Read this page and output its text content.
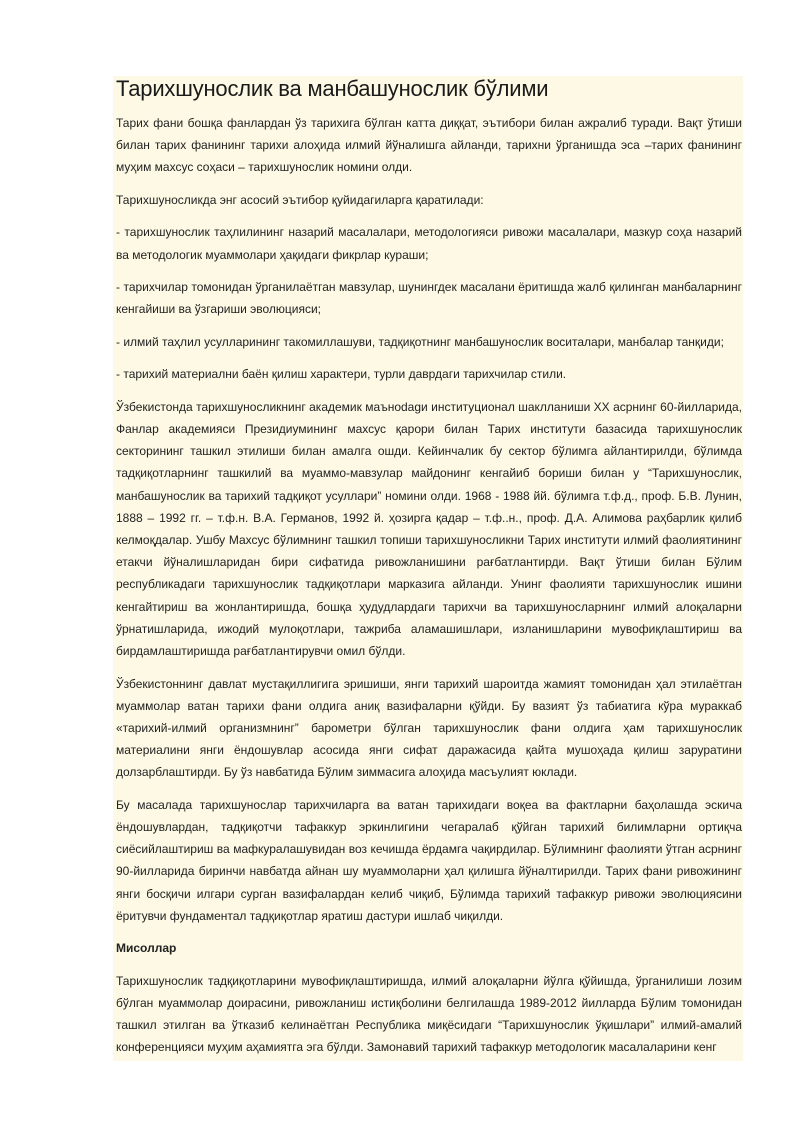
Тарихшунослик ва манбашунослик бўлими

Тарих фани бошқа фанлардан ўз тарихига бўлган катта диққат, эътибори билан ажралиб туради. Вақт ўтиши билан тарих фанининг тарихи алоҳида илмий йўналишга айланди, тарихни ўрганишда эса –тарих фанининг муҳим махсус соҳаси – тарихшунослик номини олди.

Тарихшуносликда энг асосий эътибор қуйидагиларга қаратилади:

- тарихшунослик таҳлилининг назарий масалалари, методологияси ривожи масалалари, мазкур соҳа назарий ва методологик муаммолари ҳақидаги фикрлар кураши;

- тарихчилар томонидан ўрганилаётган мавзулар, шунингдек масалани ёритишда жалб қилинган манбаларнинг кенгайиши ва ўзгариши эволюцияси;

- илмий таҳлил усулларининг такомиллашуви, тадқиқотнинг манбашунослик воситалари, манбалар танқиди;

- тарихий материални баён қилиш характери, турли даврдаги тарихчилар стили.

Ўзбекистонда тарихшуносликнинг академик маъноdagи институционал шаклланиши XX асрнинг 60-йилларида, Фанлар академияси Президиумининг махсус қарори билан Тарих институти базасида тарихшунослик секторининг ташкил этилиши билан амалга ошди. Кейинчалик бу сектор бўлимга айлантирилди, бўлимда тадқиқотларнинг ташкилий ва муаммо-мавзулар майдонинг кенгайиб бориши билан у “Тарихшунослик, манбашунослик ва тарихий тадқиқот усуллари” номини олди. 1968 - 1988 йй. бўлимга т.ф.д., проф. Б.В. Лунин, 1888 – 1992 гг. – т.ф.н. В.А. Германов, 1992 й. ҳозирга қадар – т.ф..н., проф. Д.А. Алимова раҳбарлик қилиб келмоқдалар. Ушбу Махсус бўлимнинг ташкил топиши тарихшуносликни Тарих институти илмий фаолиятининг етакчи йўналишларидан бири сифатида ривожланишини рағбатлантирди. Вақт ўтиши билан Бўлим республикадаги тарихшунослик тадқиқотлари марказига айланди. Унинг фаолияти тарихшунослик ишини кенгайтириш ва жонлантиришда, бошқа ҳудудлардаги тарихчи ва тарихшуносларнинг илмий алоқаларни ўрнатишларида, ижодий мулоқотлари, тажриба аламашишлари, изланишларини мувофиқлаштириш ва бирдамлаштиришда рағбатлантирувчи омил бўлди.

Ўзбекистоннинг давлат мустақиллигига эришиши, янги тарихий шароитда жамият томонидан ҳал этилаётган муаммолар ватан тарихи фани олдига аниқ вазифаларни қўйди. Бу вазият ўз табиатига кўра мураккаб «тарихий-илмий организмнинг” барометри бўлган тарихшунослик фани олдига ҳам тарихшунослик материалини янги ёндошувлар асосида янги сифат даражасида қайта мушоҳада қилиш заруратини долзарблаштирди. Бу ўз навбатида Бўлим зиммасига алоҳида масъулият юклади.

Бу масалада тарихшунослар тарихчиларга ва ватан тарихидаги воқеа ва фактларни баҳолашда эскича ёндошувлардан, тадқиқотчи тафаккур эркинлигини чегаралаб қўйган тарихий билимларни ортиқча сиёсийлаштириш ва мафкуралашувидан воз кечишда ёрдамга чақирдилар. Бўлимнинг фаолияти ўтган асрнинг 90-йилларида биринчи навбатда айнан шу муаммоларни ҳал қилишга йўналтирилди. Тарих фани ривожининг янги босқичи илгари сурган вазифалардан келиб чиқиб, Бўлимда тарихий тафаккур ривожи эволюциясини ёритувчи фундаментал тадқиқотлар яратиш дастури ишлаб чиқилди.

Мисоллар

Тарихшунослик тадқиқотларини мувофиқлаштиришда, илмий алоқаларни йўлга қўйишда, ўрганилиши лозим бўлган муаммолар доирасини, ривожланиш истиқболини белгилашда 1989-2012 йилларда Бўлим томонидан ташкил этилган ва ўтказиб келинаётган Республика миқёсидаги “Тарихшунослик ўқишлари” илмий-амалий конференцияси муҳим аҳамиятга эга бўлди. Замонавий тарихий тафаккур методологик масалаларини кенг
